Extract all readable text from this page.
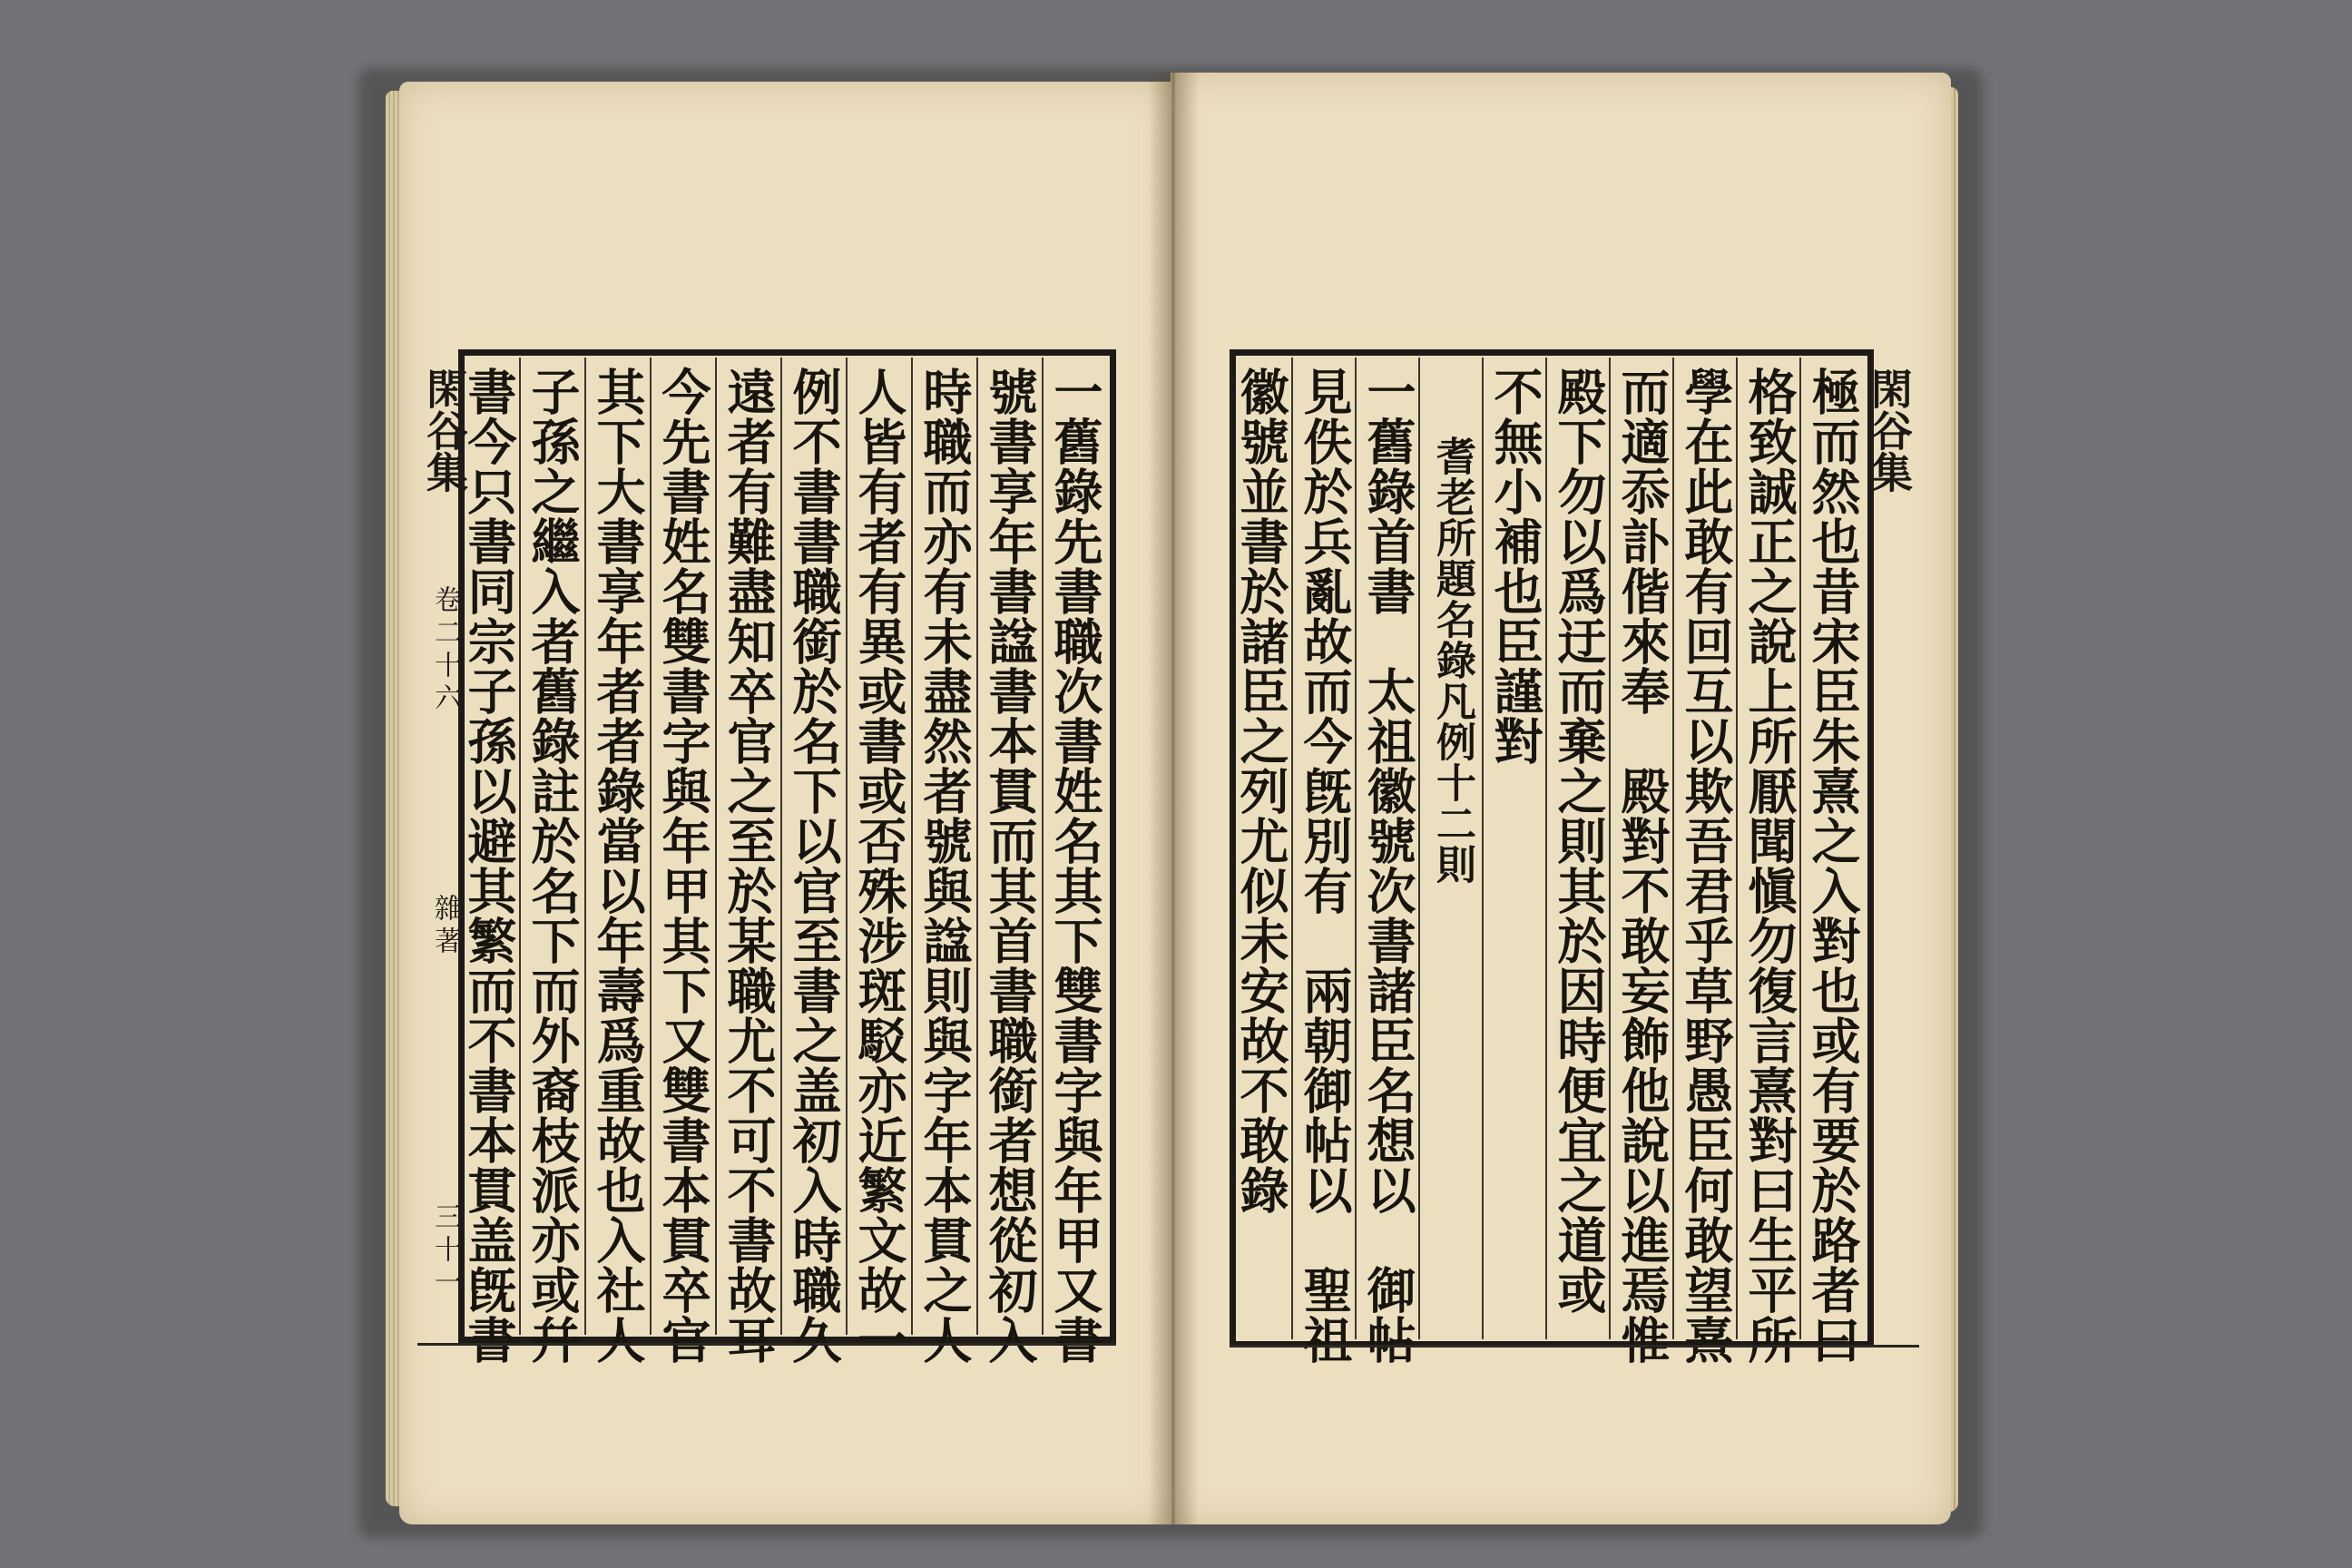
閑谷集
卷二十六
雜著
三十一	一舊錄先書職次書姓名其下雙書字與年甲又書
號書享年書諡書本貫而其首書職銜者想從初入
時職而亦有未盡然者號與諡則與字年本貫之人
人皆有者有異或書或否殊涉斑駁亦近繁文故一
例不書書職銜於名下以官至書之盖初入時職久
遠者有難盡知卒官之至於某職尤不可不書故耳
今先書姓名雙書字與年甲其下又雙書本貫卒官
其下大書享年者者錄當以年壽爲重故也入社人
子孫之繼入者舊錄註於名下而外裔枝派亦或幷
書今只書同宗子孫以避其繁而不書本貫盖旣書	閑谷集
極而然也昔宋臣朱熹之入對也或有要於路者曰
格致誠正之說上所厭聞愼勿復言熹對曰生平所
學在此敢有回互以欺吾君乎草野愚臣何敢望熹
而適忝訃偕來奉　殿對不敢妄飾他說以進焉惟
殿下勿以爲迂而棄之則其於因時便宜之道或
不無小補也臣謹對
耆老所題名錄凡例十二則
一舊錄首書　太祖徽號次書諸臣名想以　御帖
見佚於兵亂故而今旣別有　兩朝御帖以　聖祖
徽號並書於諸臣之列尤似未安故不敢錄
